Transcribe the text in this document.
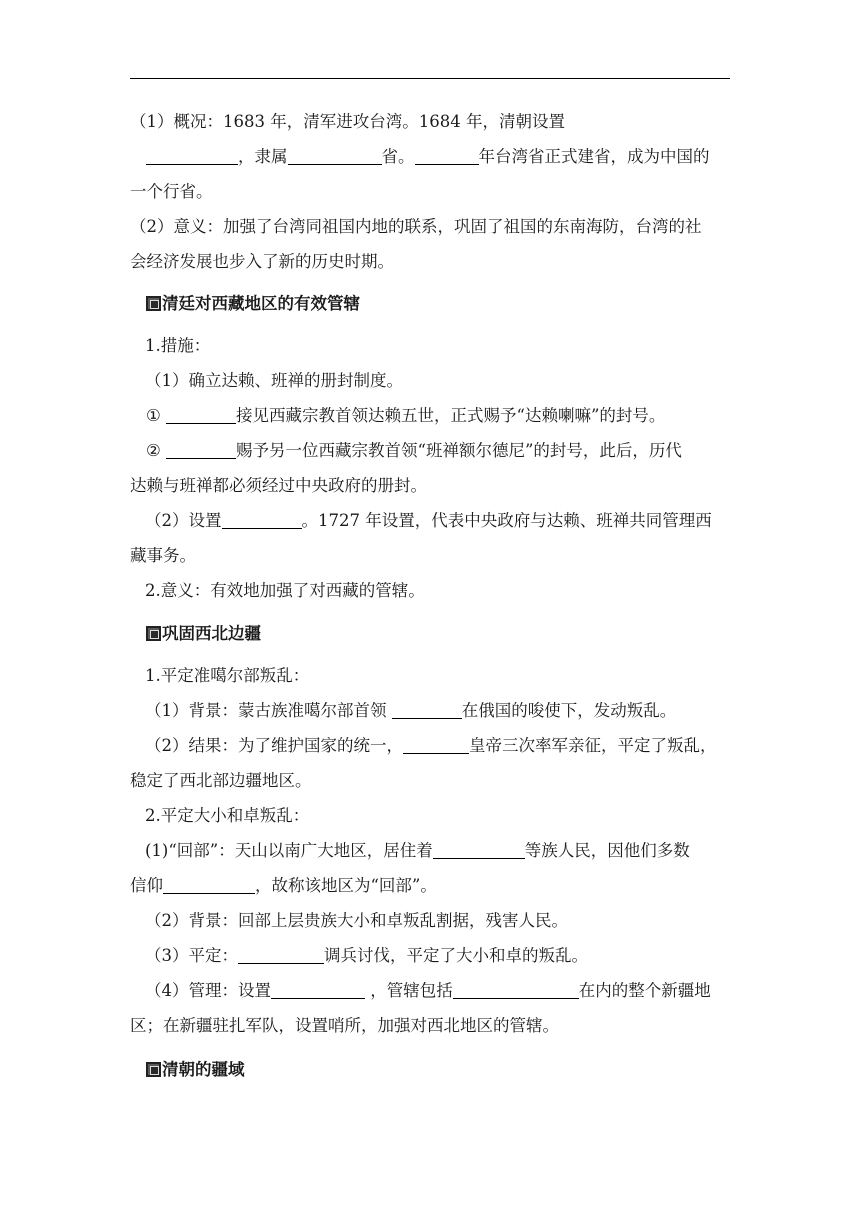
（1）概况：1683 年，清军进攻台湾。1684 年，清朝设置
，隶属	省。	年台湾省正式建省，成为中国的
一个行省。
（2）意义：加强了台湾同祖国内地的联系，巩固了祖国的东南海防，台湾的社
会经济发展也步入了新的历史时期。
清廷对西藏地区的有效管辖
1.措施：
（1）确立达赖、班禅的册封制度。
①	接见西藏宗教首领达赖五世，正式赐予“达赖喇嘛”的封号。
②	赐予另一位西藏宗教首领“班禅额尔德尼”的封号，此后，历代
达赖与班禅都必须经过中央政府的册封。
（2）设置	。1727 年设置，代表中央政府与达赖、班禅共同管理西
藏事务。
2.意义：有效地加强了对西藏的管辖。
巩固西北边疆
1.平定准噶尔部叛乱：
（1）背景：蒙古族准噶尔部首领	在俄国的唆使下，发动叛乱。
（2）结果：为了维护国家的统一，	皇帝三次率军亲征，平定了叛乱，
稳定了西北部边疆地区。
2.平定大小和卓叛乱：
(1)“回部”：天山以南广大地区，居住着	等族人民，因他们多数
信仰	，故称该地区为“回部”。
（2）背景：回部上层贵族大小和卓叛乱割据，残害人民。
（3）平定：	调兵讨伐，平定了大小和卓的叛乱。
（4）管理：设置	，管辖包括	在内的整个新疆地
区；在新疆驻扎军队，设置哨所，加强对西北地区的管辖。
清朝的疆域
